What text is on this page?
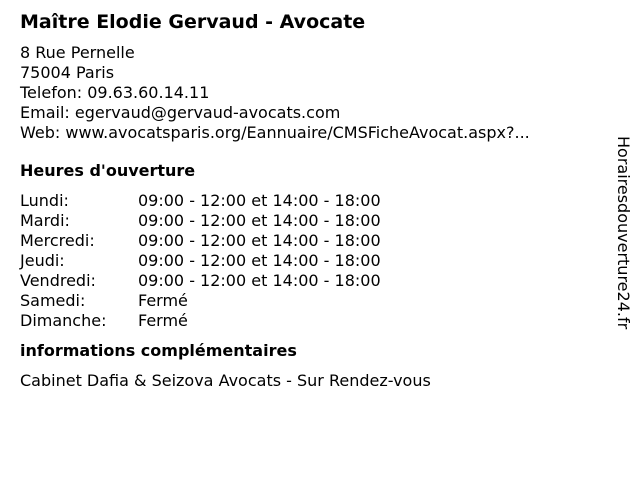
Maître Elodie Gervaud - Avocate
8 Rue Pernelle
75004 Paris
Telefon: 09.63.60.14.11
Email: egervaud@gervaud-avocats.com
Web: www.avocatsparis.org/Eannuaire/CMSFicheAvocat.aspx?...
Heures d'ouverture
Lundi:	09:00 - 12:00 et 14:00 - 18:00
Mardi:	09:00 - 12:00 et 14:00 - 18:00
Mercredi:	09:00 - 12:00 et 14:00 - 18:00
Jeudi:	09:00 - 12:00 et 14:00 - 18:00
Vendredi:	09:00 - 12:00 et 14:00 - 18:00
Samedi:	Fermé
Dimanche:	Fermé
informations complémentaires
Cabinet Dafia & Seizova Avocats - Sur Rendez-vous
Horairesdouverture24.fr
